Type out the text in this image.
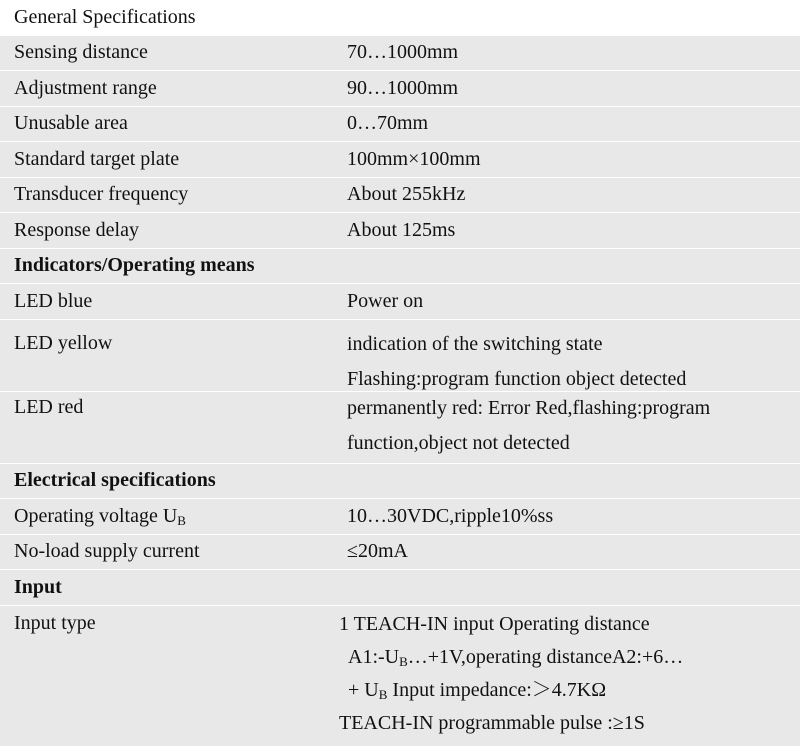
General Specifications
Sensing distance	70…1000mm
Adjustment range	90…1000mm
Unusable area	0…70mm
Standard target plate	100mm×100mm
Transducer frequency	About 255kHz
Response delay	About 125ms
Indicators/Operating means
LED blue	Power on
LED yellow	indication of the switching state
Flashing:program function object detected
LED red	permanently red: Error Red,flashing:program
function,object not detected
Electrical specifications
Operating voltage $U_B$	10…30VDC,ripple10%ss
No-load supply current	≤20mA
Input
Input type	1 TEACH-IN input Operating distance
$A1:-U_B\dots+1V,operating$ distanceA2:+6…
+ $U_B$ Input impedance:＞4.7KΩ
TEACH-IN programmable pulse :≥1S
